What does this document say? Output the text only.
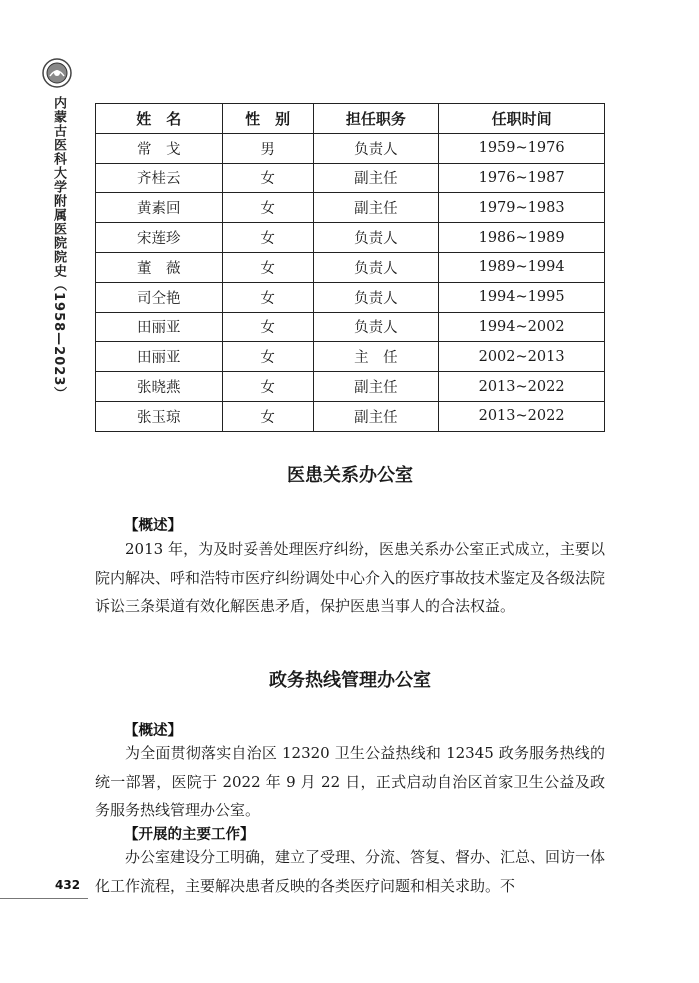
内蒙古医科大学附属医院院史（1958—2023）	姓　名	性　别	担任职务	任职时间
常　戈	男	负责人	1959~1976
齐桂云	女	副主任	1976~1987
黄素回	女	副主任	1979~1983
宋莲珍	女	负责人	1986~1989
董　薇	女	负责人	1989~1994
司仝艳	女	负责人	1994~1995
田丽亚	女	负责人	1994~2002
田丽亚	女	主　任	2002~2013
张晓燕	女	副主任	2013~2022
张玉琼	女	副主任	2013~2022
医患关系办公室
【概述】

2013 年，为及时妥善处理医疗纠纷，医患关系办公室正式成立，主要以院内解决、呼和浩特市医疗纠纷调处中心介入的医疗事故技术鉴定及各级法院诉讼三条渠道有效化解医患矛盾，保护医患当事人的合法权益。

政务热线管理办公室
【概述】

为全面贯彻落实自治区 12320 卫生公益热线和 12345 政务服务热线的统一部署，医院于 2022 年 9 月 22 日，正式启动自治区首家卫生公益及政务服务热线管理办公室。

【开展的主要工作】

办公室建设分工明确，建立了受理、分流、答复、督办、汇总、回访一体化工作流程，主要解决患者反映的各类医疗问题和相关求助。不

432
